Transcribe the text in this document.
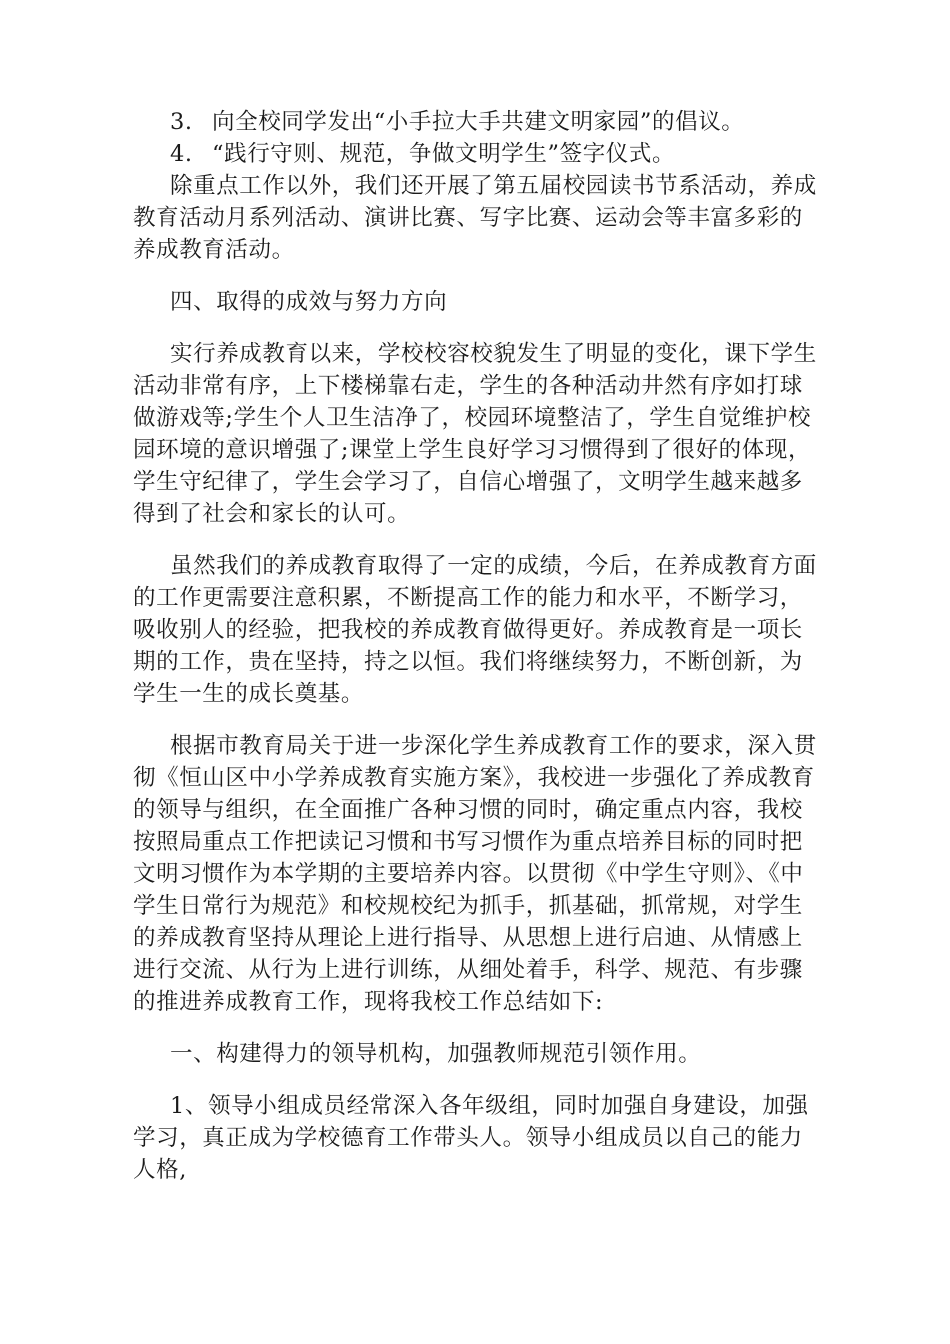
3. 向全校同学发出“小手拉大手共建文明家园”的倡议。

4. “践行守则、规范，争做文明学生”签字仪式。

除重点工作以外，我们还开展了第五届校园读书节系活动，养成教育活动月系列活动、演讲比赛、写字比赛、运动会等丰富多彩的养成教育活动。

四、取得的成效与努力方向

实行养成教育以来，学校校容校貌发生了明显的变化，课下学生活动非常有序，上下楼梯靠右走，学生的各种活动井然有序如打球做游戏等;学生个人卫生洁净了，校园环境整洁了，学生自觉维护校园环境的意识增强了;课堂上学生良好学习习惯得到了很好的体现，学生守纪律了，学生会学习了，自信心增强了，文明学生越来越多得到了社会和家长的认可。

虽然我们的养成教育取得了一定的成绩，今后，在养成教育方面的工作更需要注意积累，不断提高工作的能力和水平，不断学习，吸收别人的经验，把我校的养成教育做得更好。养成教育是一项长期的工作，贵在坚持，持之以恒。我们将继续努力，不断创新，为学生一生的成长奠基。

根据市教育局关于进一步深化学生养成教育工作的要求，深入贯彻《恒山区中小学养成教育实施方案》，我校进一步强化了养成教育的领导与组织，在全面推广各种习惯的同时，确定重点内容，我校按照局重点工作把读记习惯和书写习惯作为重点培养目标的同时把文明习惯作为本学期的主要培养内容。以贯彻《中学生守则》、《中学生日常行为规范》和校规校纪为抓手，抓基础，抓常规，对学生的养成教育坚持从理论上进行指导、从思想上进行启迪、从情感上进行交流、从行为上进行训练，从细处着手，科学、规范、有步骤的推进养成教育工作，现将我校工作总结如下:

一、构建得力的领导机构，加强教师规范引领作用。

1、领导小组成员经常深入各年级组，同时加强自身建设，加强学习，真正成为学校德育工作带头人。领导小组成员以自己的能力人格,
